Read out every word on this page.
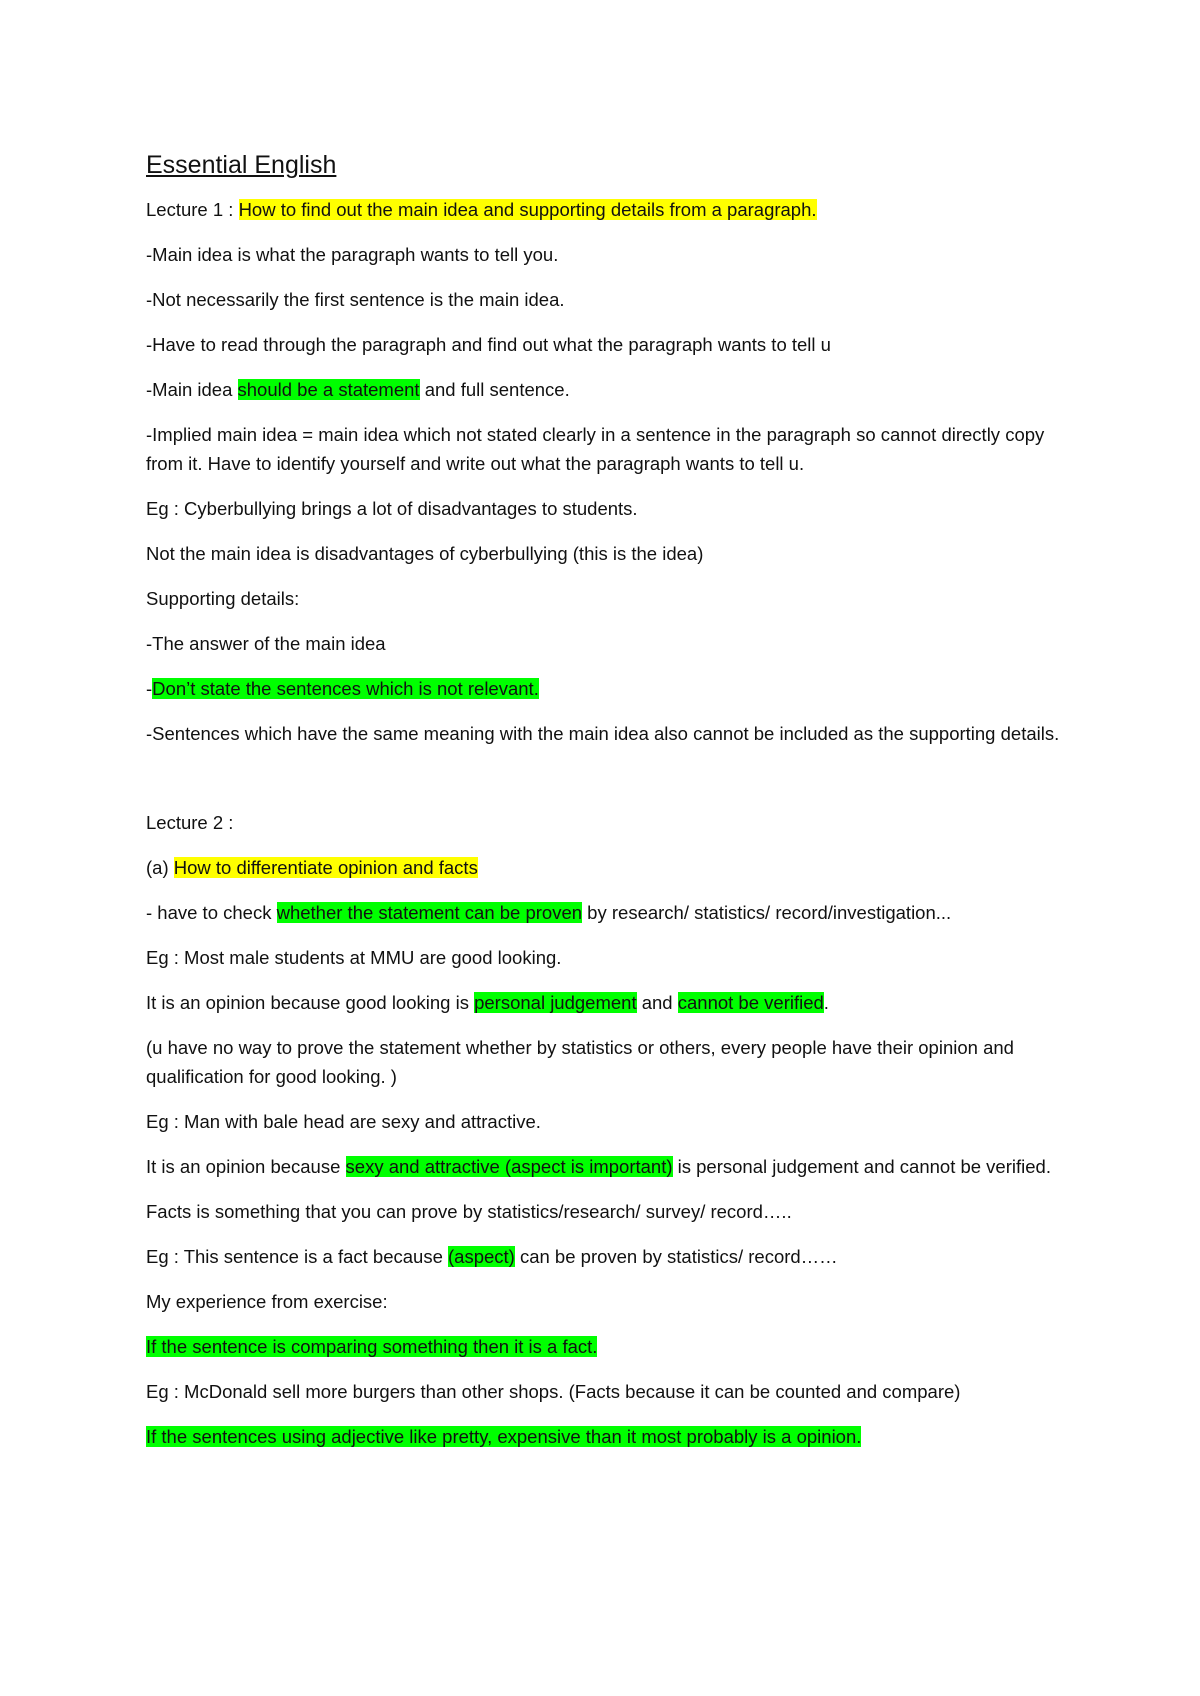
Essential English
Lecture 1 : How to find out the main idea and supporting details from a paragraph.
-Main idea is what the paragraph wants to tell you.
-Not necessarily the first sentence is the main idea.
-Have to read through the paragraph and find out what the paragraph wants to tell u
-Main idea should be a statement and full sentence.
-Implied main idea = main idea which not stated clearly in a sentence in the paragraph so cannot directly copy from it. Have to identify yourself and write out what the paragraph wants to tell u.
Eg : Cyberbullying brings a lot of disadvantages to students.
Not the main idea is disadvantages of cyberbullying (this is the idea)
Supporting details:
-The answer of the main idea
-Don’t state the sentences which is not relevant.
-Sentences which have the same meaning with the main idea also cannot be included as the supporting details.
Lecture 2 :
(a) How to differentiate opinion and facts
- have to check whether the statement can be proven by research/ statistics/ record/investigation...
Eg : Most male students at MMU are good looking.
It is an opinion because good looking is personal judgement and cannot be verified.
(u have no way to prove the statement whether by statistics or others, every people have their opinion and qualification for good looking. )
Eg : Man with bale head are sexy and attractive.
It is an opinion because sexy and attractive (aspect is important) is personal judgement and cannot be verified.
Facts is something that you can prove by statistics/research/ survey/ record…..
Eg : This sentence is a fact because (aspect) can be proven by statistics/ record……
My experience from exercise:
If the sentence is comparing something then it is a fact.
Eg : McDonald sell more burgers than other shops. (Facts because it can be counted and compare)
If the sentences using adjective like pretty, expensive than it most probably is a opinion.
